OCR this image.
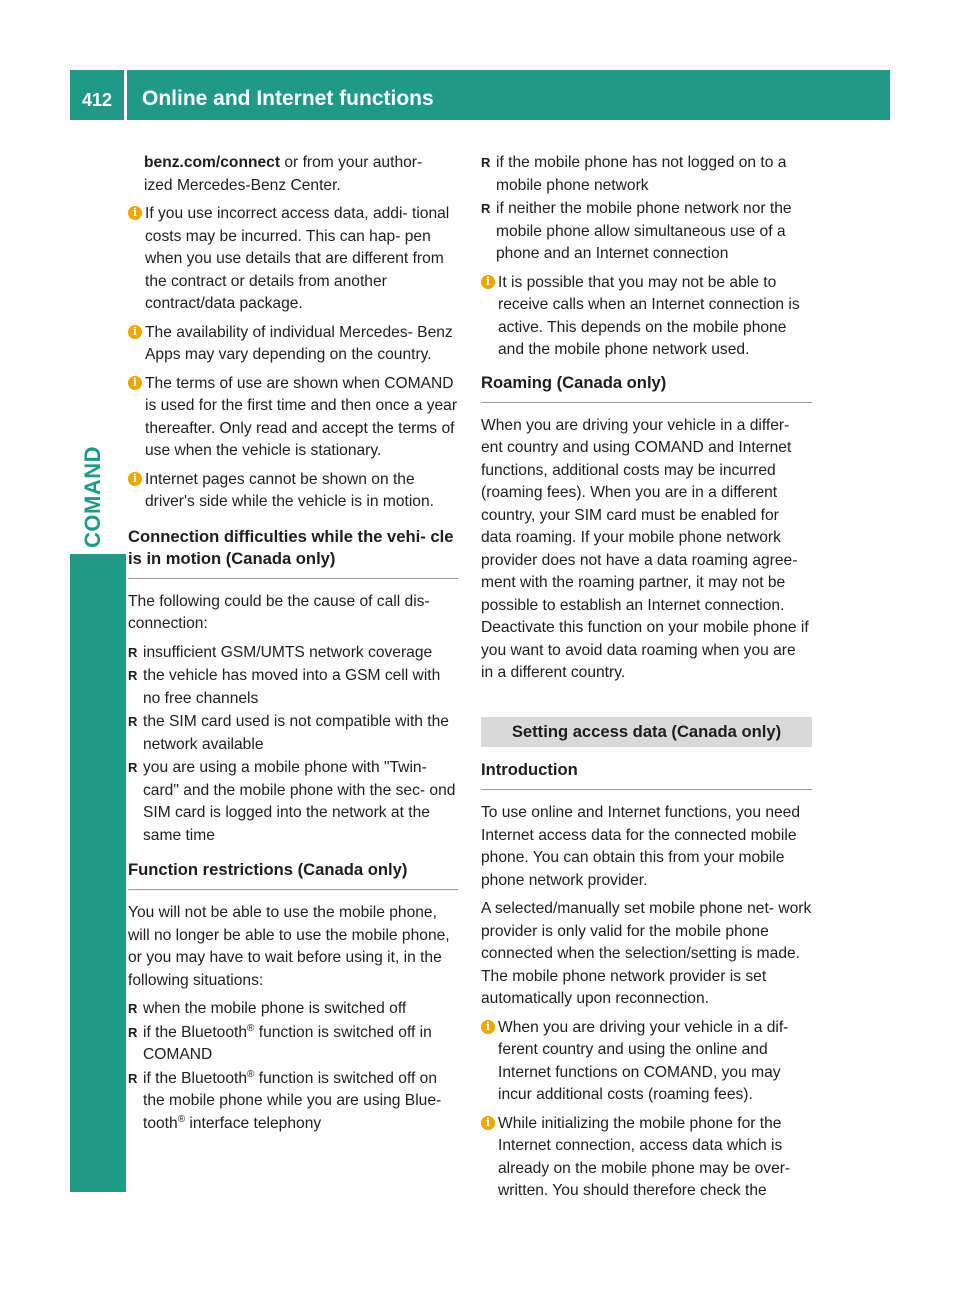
412	Online and Internet functions

benz.com/connect or from your author-
ized Mercedes-Benz Center.

i If you use incorrect access data, addi- tional costs may be incurred. This can hap- pen when you use details that are different from the contract or details from another contract/data package.
i The availability of individual Mercedes- Benz Apps may vary depending on the country.
i The terms of use are shown when COMAND is used for the first time and then once a year thereafter. Only read and accept the terms of use when the vehicle is stationary.
i Internet pages cannot be shown on the driver's side while the vehicle is in motion.
Connection difficulties while the vehi- cle is in motion (Canada only)

The following could be the cause of call dis- connection:

R insufficient GSM/UMTS network coverage
R the vehicle has moved into a GSM cell with no free channels
R the SIM card used is not compatible with the network available
R you are using a mobile phone with "Twin- card" and the mobile phone with the sec- ond SIM card is logged into the network at the same time
Function restrictions (Canada only)

You will not be able to use the mobile phone, will no longer be able to use the mobile phone, or you may have to wait before using it, in the following situations:

R when the mobile phone is switched off
R if the Bluetooth® function is switched off in COMAND
R if the Bluetooth® function is switched off on the mobile phone while you are using Blue- tooth® interface telephony
R if the mobile phone has not logged on to a mobile phone network
R if neither the mobile phone network nor the mobile phone allow simultaneous use of a phone and an Internet connection
i It is possible that you may not be able to receive calls when an Internet connection is active. This depends on the mobile phone and the mobile phone network used.
Roaming (Canada only)

When you are driving your vehicle in a differ- ent country and using COMAND and Internet functions, additional costs may be incurred (roaming fees). When you are in a different country, your SIM card must be enabled for data roaming. If your mobile phone network provider does not have a data roaming agree- ment with the roaming partner, it may not be possible to establish an Internet connection. Deactivate this function on your mobile phone if you want to avoid data roaming when you are in a different country.

Setting access data (Canada only)
Introduction

To use online and Internet functions, you need Internet access data for the connected mobile phone. You can obtain this from your mobile phone network provider.

A selected/manually set mobile phone net- work provider is only valid for the mobile phone connected when the selection/setting is made. The mobile phone network provider is set automatically upon reconnection.

i When you are driving your vehicle in a dif- ferent country and using the online and Internet functions on COMAND, you may incur additional costs (roaming fees).
i While initializing the mobile phone for the Internet connection, access data which is already on the mobile phone may be over- written. You should therefore check the
